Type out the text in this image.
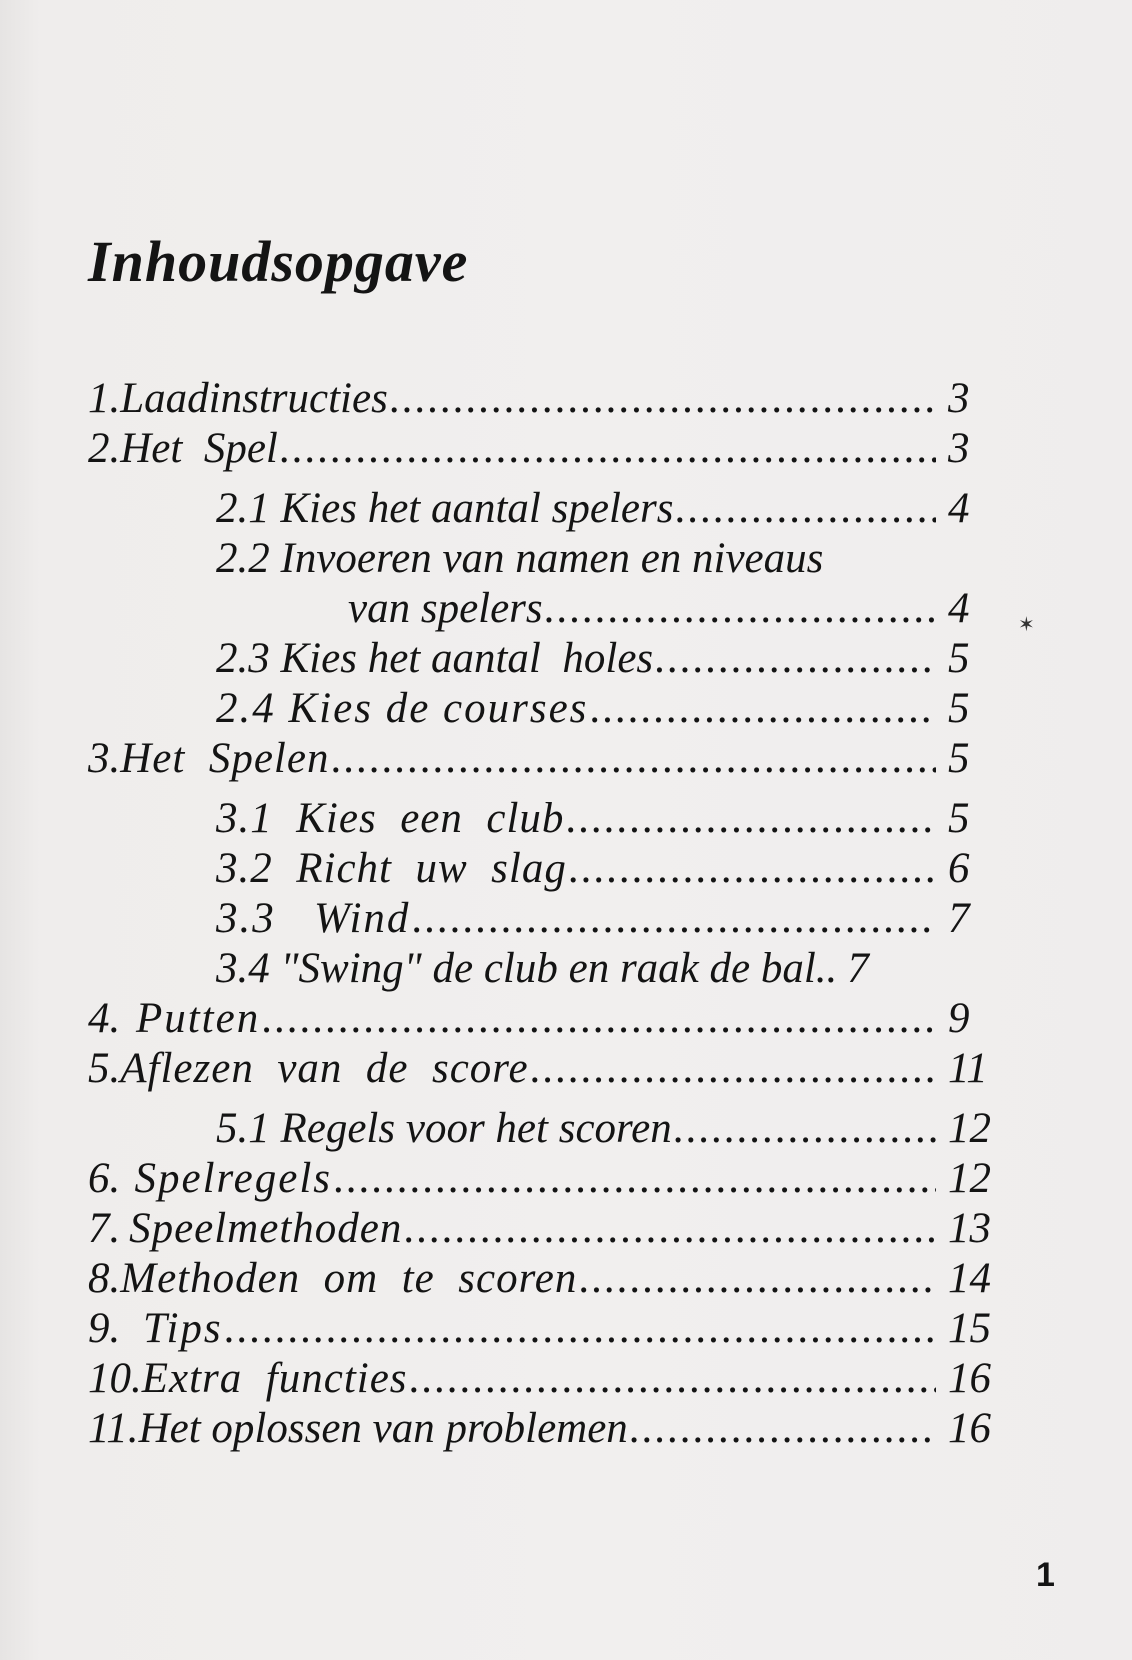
Inhoudsopgave
1. Laadinstructies .....	3
2. Het  Spel .....	3
2.1 Kies het aantal spelers .....	4
2.2 Invoeren van namen en niveaus
van spelers .....	4
2.3 Kies het aantal  holes .....	5
2.4 Kies de courses .....	5
3. Het  Spelen .....	5
3.1  Kies  een  club .....	5
3.2  Richt  uw  slag .....	6
3.3   Wind .....	7
3.4 "Swing" de club en raak de bal.. 7
4. Putten .....	9
5. Aflezen  van  de  score .....	11
5.1 Regels voor het scoren .....	12
6. Spelregels .....	12
7. Speelmethoden .....	13
8. Methoden  om  te  scoren .....	14
9. Tips .....	15
10. Extra  functies .....	16
11. Het oplossen van problemen .....	16
✶
1
